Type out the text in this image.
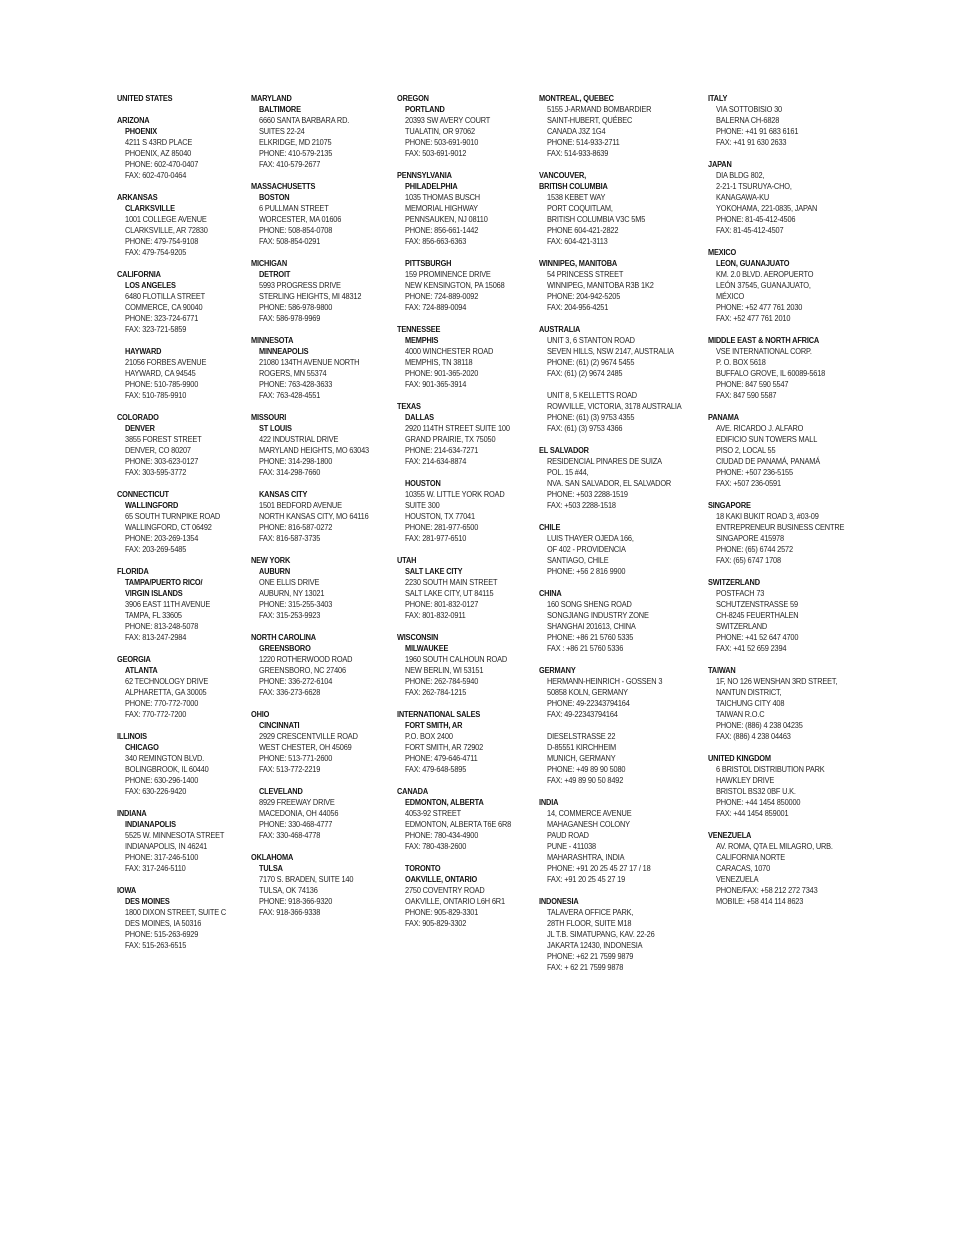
UNITED STATES
ARIZONA
PHOENIX
4211 S 43RD PLACE
PHOENIX, AZ 85040
PHONE: 602-470-0407
FAX: 602-470-0464
ARKANSAS
CLARKSVILLE
1001 COLLEGE AVENUE
CLARKSVILLE, AR 72830
PHONE: 479-754-9108
FAX: 479-754-9205
CALIFORNIA
LOS ANGELES
6480 FLOTILLA STREET
COMMERCE, CA 90040
PHONE: 323-724-6771
FAX: 323-721-5859
HAYWARD
21056 FORBES AVENUE
HAYWARD, CA 94545
PHONE: 510-785-9900
FAX: 510-785-9910
COLORADO
DENVER
3855 FOREST STREET
DENVER, CO 80207
PHONE: 303-623-0127
FAX: 303-595-3772
CONNECTICUT
WALLINGFORD
65 SOUTH TURNPIKE ROAD
WALLINGFORD, CT 06492
PHONE: 203-269-1354
FAX: 203-269-5485
FLORIDA
TAMPA/PUERTO RICO/
VIRGIN ISLANDS
3906 EAST 11TH AVENUE
TAMPA, FL 33605
PHONE: 813-248-5078
FAX: 813-247-2984
GEORGIA
ATLANTA
62 TECHNOLOGY DRIVE
ALPHARETTA, GA 30005
PHONE: 770-772-7000
FAX: 770-772-7200
ILLINOIS
CHICAGO
340 REMINGTON BLVD.
BOLINGBROOK, IL 60440
PHONE: 630-296-1400
FAX: 630-226-9420
INDIANA
INDIANAPOLIS
5525 W. MINNESOTA STREET
INDIANAPOLIS, IN 46241
PHONE: 317-246-5100
FAX: 317-246-5110
IOWA
DES MOINES
1800 DIXON STREET, SUITE C
DES MOINES, IA 50316
PHONE: 515-263-6929
FAX: 515-263-6515
MARYLAND
BALTIMORE
6660 SANTA BARBARA RD.
SUITES 22-24
ELKRIDGE, MD 21075
PHONE: 410-579-2135
FAX: 410-579-2677
MASSACHUSETTS
BOSTON
6 PULLMAN STREET
WORCESTER, MA 01606
PHONE: 508-854-0708
FAX: 508-854-0291
MICHIGAN
DETROIT
5993 PROGRESS DRIVE
STERLING HEIGHTS, MI 48312
PHONE: 586-978-9800
FAX: 586-978-9969
MINNESOTA
MINNEAPOLIS
21080 134TH AVENUE NORTH
ROGERS, MN 55374
PHONE: 763-428-3633
FAX: 763-428-4551
MISSOURI
ST LOUIS
422 INDUSTRIAL DRIVE
MARYLAND HEIGHTS, MO 63043
PHONE: 314-298-1800
FAX: 314-298-7660
KANSAS CITY
1501 BEDFORD AVENUE
NORTH KANSAS CITY, MO 64116
PHONE: 816-587-0272
FAX: 816-587-3735
NEW YORK
AUBURN
ONE ELLIS DRIVE
AUBURN, NY 13021
PHONE: 315-255-3403
FAX: 315-253-9923
NORTH CAROLINA
GREENSBORO
1220 ROTHERWOOD ROAD
GREENSBORO, NC 27406
PHONE: 336-272-6104
FAX: 336-273-6628
OHIO
CINCINNATI
2929 CRESCENTVILLE ROAD
WEST CHESTER, OH 45069
PHONE: 513-771-2600
FAX: 513-772-2219
CLEVELAND
8929 FREEWAY DRIVE
MACEDONIA, OH 44056
PHONE: 330-468-4777
FAX: 330-468-4778
OKLAHOMA
TULSA
7170 S. BRADEN, SUITE 140
TULSA, OK 74136
PHONE: 918-366-9320
FAX: 918-366-9338
OREGON
PORTLAND
20393 SW AVERY COURT
TUALATIN, OR 97062
PHONE: 503-691-9010
FAX: 503-691-9012
PENNSYLVANIA
PHILADELPHIA
1035 THOMAS BUSCH
MEMORIAL HIGHWAY
PENNSAUKEN, NJ 08110
PHONE: 856-661-1442
FAX: 856-663-6363
PITTSBURGH
159 PROMINENCE DRIVE
NEW KENSINGTON, PA 15068
PHONE: 724-889-0092
FAX: 724-889-0094
TENNESSEE
MEMPHIS
4000 WINCHESTER ROAD
MEMPHIS, TN 38118
PHONE: 901-365-2020
FAX: 901-365-3914
TEXAS
DALLAS
2920 114TH STREET SUITE 100
GRAND PRAIRIE, TX 75050
PHONE: 214-634-7271
FAX: 214-634-8874
HOUSTON
10355 W. LITTLE YORK ROAD
SUITE 300
HOUSTON, TX 77041
PHONE: 281-977-6500
FAX: 281-977-6510
UTAH
SALT LAKE CITY
2230 SOUTH MAIN STREET
SALT LAKE CITY, UT 84115
PHONE: 801-832-0127
FAX: 801-832-0911
WISCONSIN
MILWAUKEE
1960 SOUTH CALHOUN ROAD
NEW BERLIN, WI 53151
PHONE: 262-784-5940
FAX: 262-784-1215
INTERNATIONAL SALES
FORT SMITH, AR
P.O. BOX 2400
FORT SMITH, AR 72902
PHONE: 479-646-4711
FAX: 479-648-5895
CANADA
EDMONTON, ALBERTA
4053-92 STREET
EDMONTON, ALBERTA T6E 6R8
PHONE: 780-434-4900
FAX: 780-438-2600
TORONTO
OAKVILLE, ONTARIO
2750 COVENTRY ROAD
OAKVILLE, ONTARIO L6H 6R1
PHONE: 905-829-3301
FAX: 905-829-3302
MONTREAL, QUEBEC
5155 J-ARMAND BOMBARDIER
SAINT-HUBERT, QUÉBEC
CANADA J3Z 1G4
PHONE: 514-933-2711
FAX: 514-933-8639
VANCOUVER,
BRITISH COLUMBIA
1538 KEBET WAY
PORT COQUITLAM,
BRITISH COLUMBIA V3C 5M5
PHONE 604-421-2822
FAX: 604-421-3113
WINNIPEG, MANITOBA
54 PRINCESS STREET
WINNIPEG, MANITOBA R3B 1K2
PHONE: 204-942-5205
FAX: 204-956-4251
AUSTRALIA
UNIT 3, 6 STANTON ROAD
SEVEN HILLS, NSW 2147, AUSTRALIA
PHONE: (61) (2) 9674 5455
FAX: (61) (2) 9674 2485
UNIT 8, 5 KELLETTS ROAD
ROWVILLE, VICTORIA, 3178 AUSTRALIA
PHONE: (61) (3) 9753 4355
FAX: (61) (3) 9753 4366
EL SALVADOR
RESIDENCIAL PINARES DE SUIZA
POL. 15 #44,
NVA. SAN SALVADOR, EL SALVADOR
PHONE: +503 2288-1519
FAX: +503 2288-1518
CHILE
LUIS THAYER OJEDA 166,
OF 402 - PROVIDENCIA
SANTIAGO, CHILE
PHONE: +56 2 816 9900
CHINA
160 SONG SHENG ROAD
SONGJIANG INDUSTRY ZONE
SHANGHAI 201613, CHINA
PHONE: +86 21 5760 5335
FAX : +86 21 5760 5336
GERMANY
HERMANN-HEINRICH - GOSSEN 3
50858 KOLN, GERMANY
PHONE: 49-22343794164
FAX: 49-22343794164
DIESELSTRASSE 22
D-85551 KIRCHHEIM
MUNICH, GERMANY
PHONE: +49 89 90 5080
FAX: +49 89 90 50 8492
INDIA
14, COMMERCE AVENUE
MAHAGANESH COLONY
PAUD ROAD
PUNE - 411038
MAHARASHTRA, INDIA
PHONE: +91 20 25 45 27 17 / 18
FAX: +91 20 25 45 27 19
INDONESIA
TALAVERA OFFICE PARK,
28TH FLOOR, SUITE M18
JL T.B. SIMATUPANG, KAV. 22-26
JAKARTA 12430, INDONESIA
PHONE: +62 21 7599 9879
FAX: + 62 21 7599 9878
ITALY
VIA SOTTOBISIO 30
BALERNA CH-6828
PHONE: +41 91 683 6161
FAX: +41 91 630 2633
JAPAN
DIA BLDG 802,
2-21-1 TSURUYA-CHO,
KANAGAWA-KU
YOKOHAMA, 221-0835, JAPAN
PHONE: 81-45-412-4506
FAX: 81-45-412-4507
MEXICO
LEON, GUANAJUATO
KM. 2.0 BLVD. AEROPUERTO
LEÓN 37545, GUANAJUATO,
MÉXICO
PHONE: +52 477 761 2030
FAX: +52 477 761 2010
MIDDLE EAST & NORTH AFRICA
VSE INTERNATIONAL CORP.
P. O. BOX 5618
BUFFALO GROVE, IL 60089-5618
PHONE: 847 590 5547
FAX: 847 590 5587
PANAMA
AVE. RICARDO J. ALFARO
EDIFICIO SUN TOWERS MALL
PISO 2, LOCAL 55
CIUDAD DE PANAMÁ, PANAMÁ
PHONE: +507 236-5155
FAX: +507 236-0591
SINGAPORE
18 KAKI BUKIT ROAD 3, #03-09
ENTREPRENEUR BUSINESS CENTRE
SINGAPORE 415978
PHONE: (65) 6744 2572
FAX: (65) 6747 1708
SWITZERLAND
POSTFACH 73
SCHUTZENSTRASSE 59
CH-8245 FEUERTHALEN
SWITZERLAND
PHONE: +41 52 647 4700
FAX: +41 52 659 2394
TAIWAN
1F, NO 126 WENSHAN 3RD STREET,
NANTUN DISTRICT,
TAICHUNG CITY 408
TAIWAN R.O.C
PHONE: (886) 4 238 04235
FAX: (886) 4 238 04463
UNITED KINGDOM
6 BRISTOL DISTRIBUTION PARK
HAWKLEY DRIVE
BRISTOL BS32 0BF U.K.
PHONE: +44 1454 850000
FAX: +44 1454 859001
VENEZUELA
AV. ROMA, QTA EL MILAGRO, URB.
CALIFORNIA NORTE
CARACAS, 1070
VENEZUELA
PHONE/FAX: +58 212 272 7343
MOBILE: +58 414 114 8623
